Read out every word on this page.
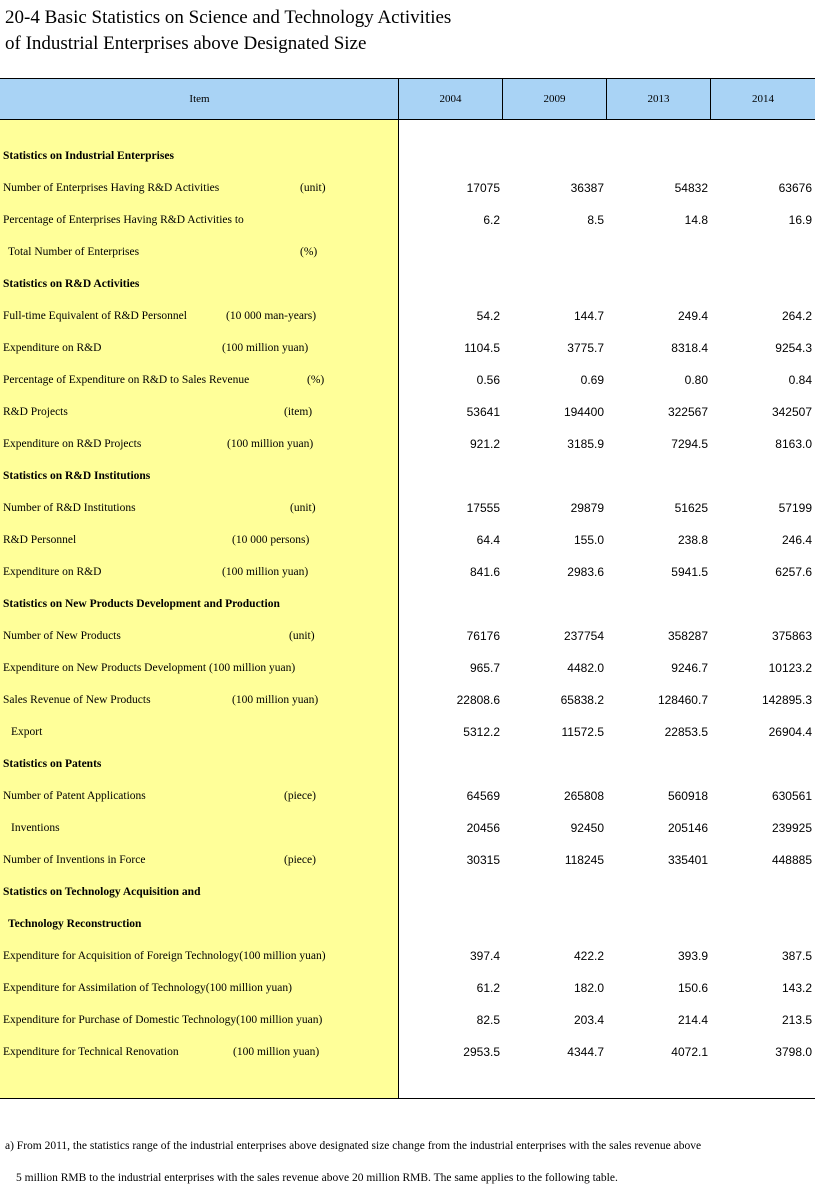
20-4 Basic Statistics on Science and Technology Activities
of Industrial Enterprises above Designated Size
Item	2004	2009	2013	2014
Statistics on Industrial Enterprises
Number of Enterprises Having R&D Activities	(unit)	17075	36387	54832	63676
Percentage of Enterprises Having R&D Activities to	6.2	8.5	14.8	16.9
Total Number of Enterprises	(%)
Statistics on R&D Activities
Full-time Equivalent of R&D Personnel	(10 000 man-years)	54.2	144.7	249.4	264.2
Expenditure on R&D	(100 million yuan)	1104.5	3775.7	8318.4	9254.3
Percentage of Expenditure on R&D to Sales Revenue	(%)	0.56	0.69	0.80	0.84
R&D Projects	(item)	53641	194400	322567	342507
Expenditure on R&D Projects	(100 million yuan)	921.2	3185.9	7294.5	8163.0
Statistics on R&D Institutions
Number of R&D Institutions	(unit)	17555	29879	51625	57199
R&D Personnel	(10 000 persons)	64.4	155.0	238.8	246.4
Expenditure on R&D	(100 million yuan)	841.6	2983.6	5941.5	6257.6
Statistics on New Products Development and Production
Number of New Products	(unit)	76176	237754	358287	375863
Expenditure on New Products Development (100 million yuan)	965.7	4482.0	9246.7	10123.2
Sales Revenue of New Products	(100 million yuan)	22808.6	65838.2	128460.7	142895.3
Export	5312.2	11572.5	22853.5	26904.4
Statistics on Patents
Number of Patent Applications	(piece)	64569	265808	560918	630561
Inventions	20456	92450	205146	239925
Number of Inventions in Force	(piece)	30315	118245	335401	448885
Statistics on Technology Acquisition and
Technology Reconstruction
Expenditure for Acquisition of Foreign Technology(100 million yuan)	397.4	422.2	393.9	387.5
Expenditure for Assimilation of Technology(100 million yuan)	61.2	182.0	150.6	143.2
Expenditure for Purchase of Domestic Technology(100 million yuan)	82.5	203.4	214.4	213.5
Expenditure for Technical Renovation	(100 million yuan)	2953.5	4344.7	4072.1	3798.0
a) From 2011, the statistics range of the industrial enterprises above designated size change from the industrial enterprises with the sales revenue above
5 million RMB to the industrial enterprises with the sales revenue above 20 million RMB. The same applies to the following table.
